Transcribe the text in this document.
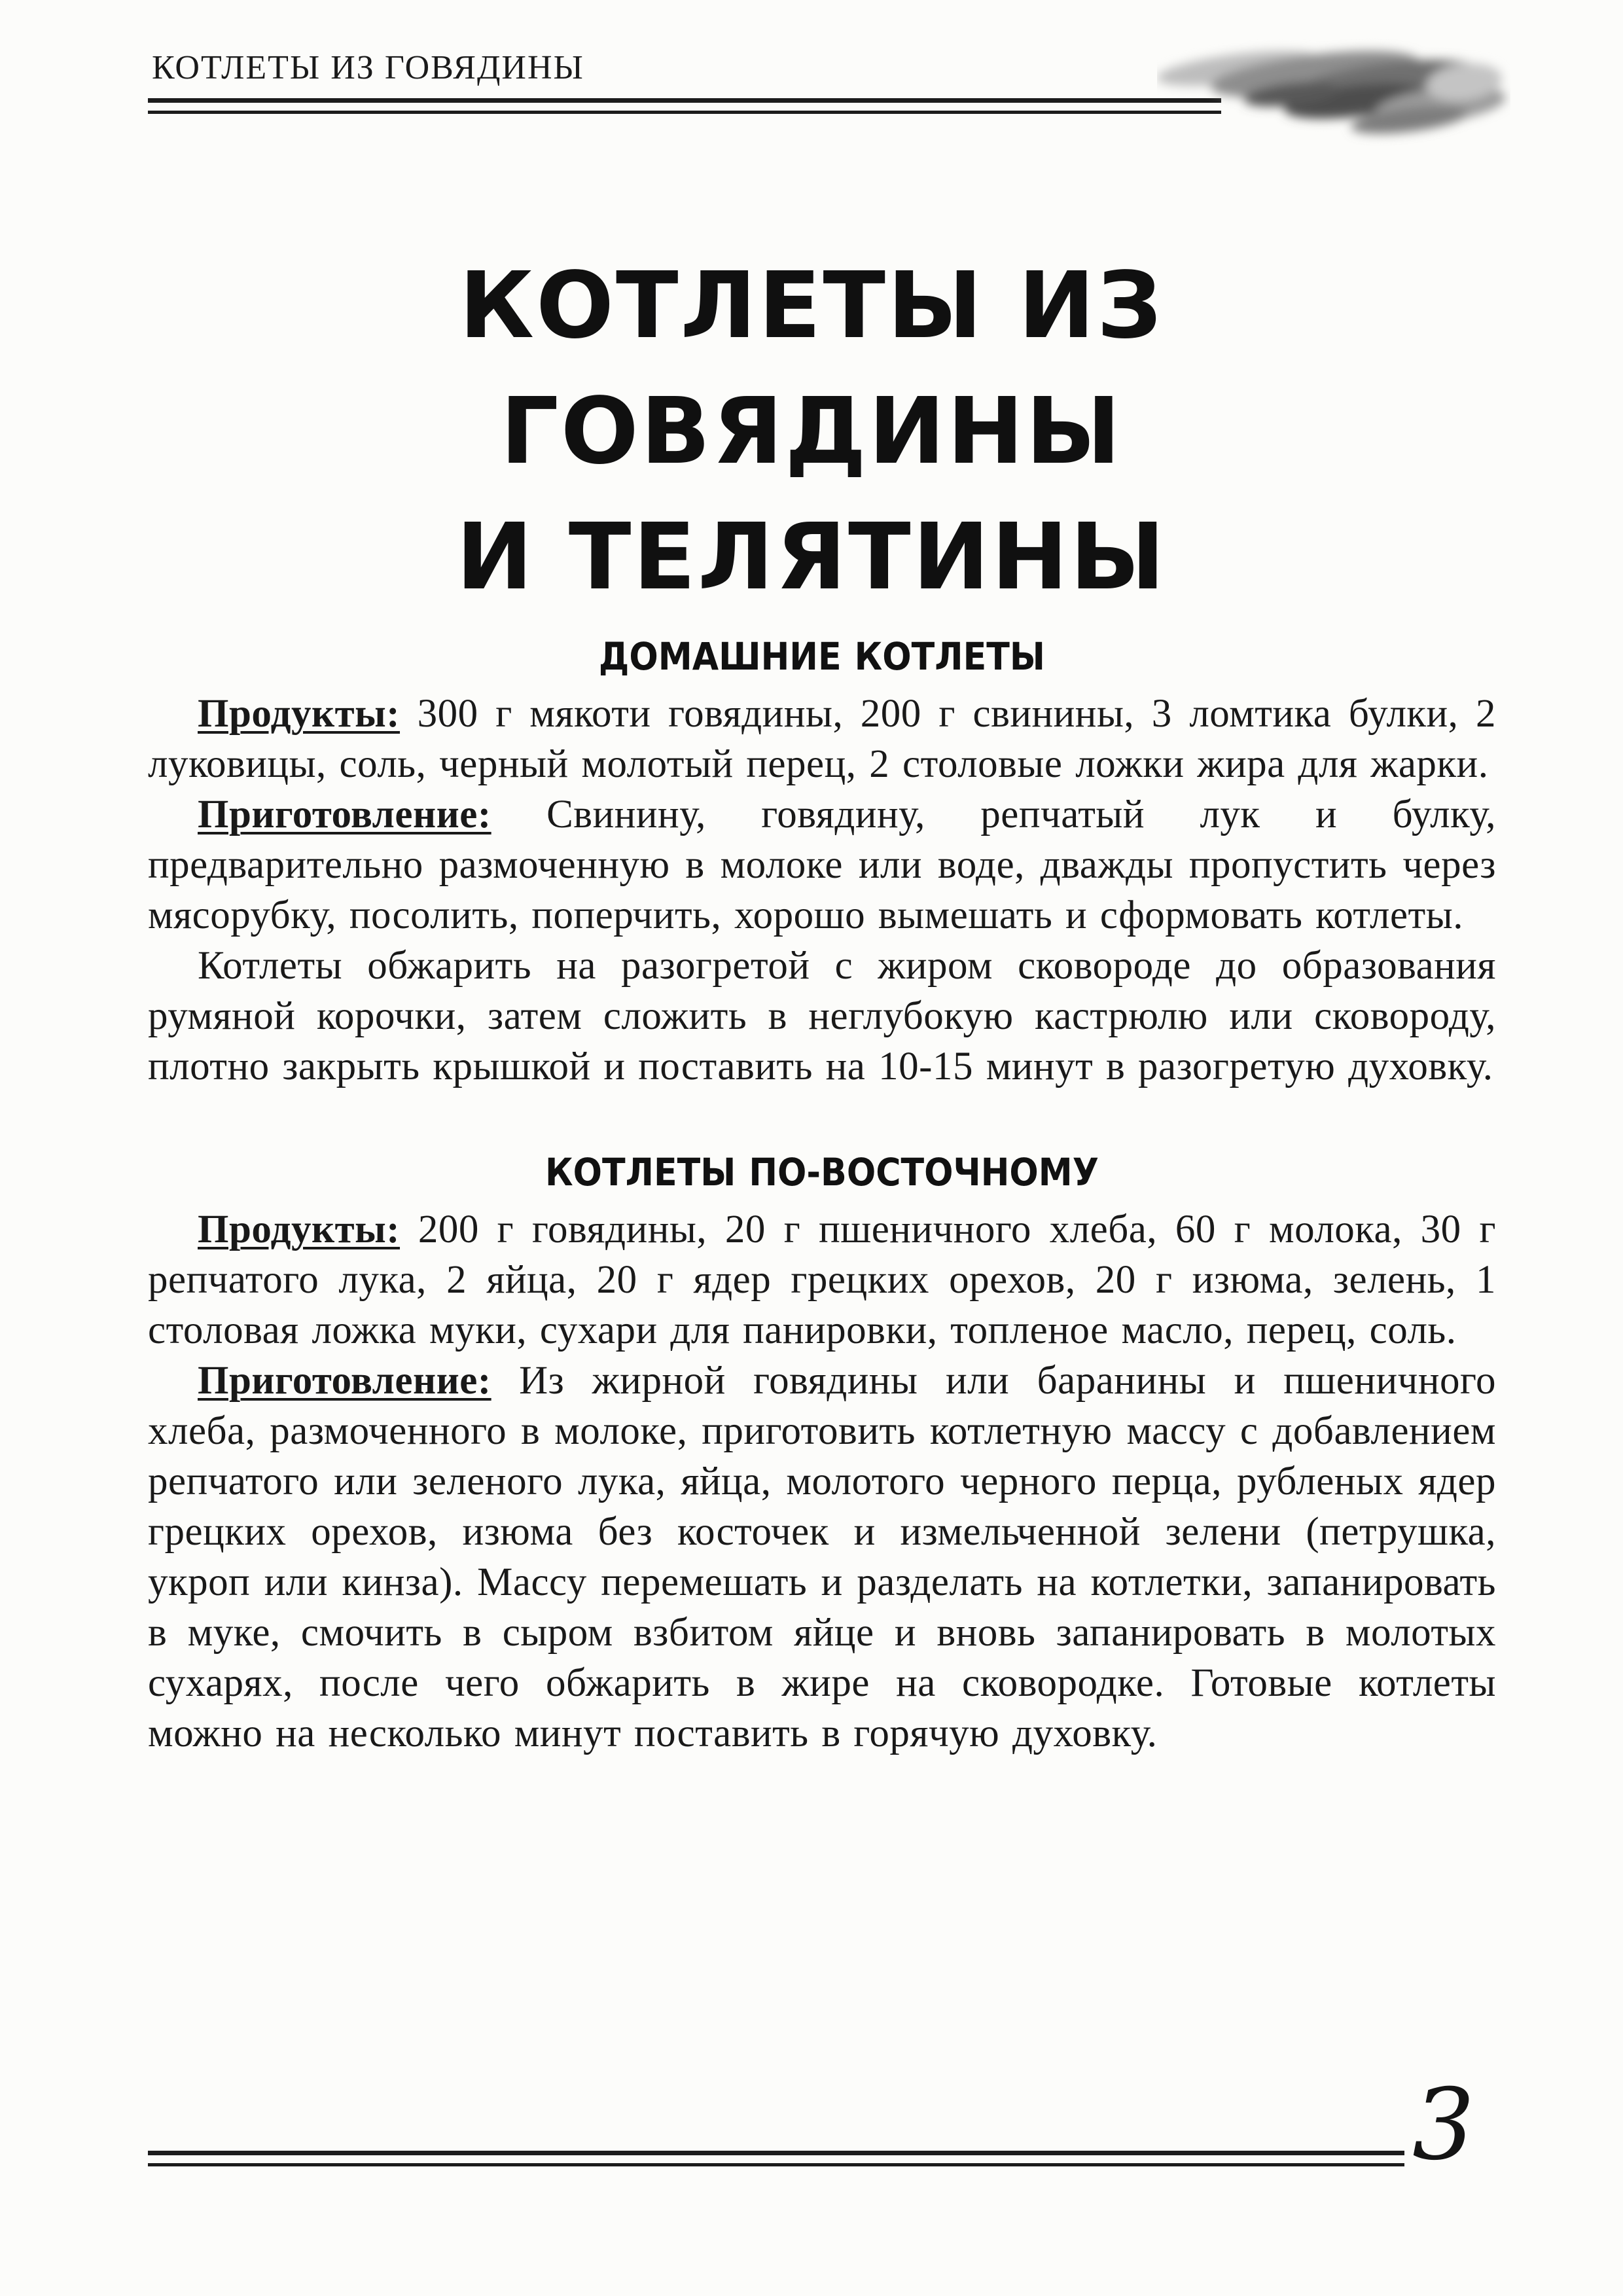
КОТЛЕТЫ ИЗ ГОВЯДИНЫ
КОТЛЕТЫ ИЗ
ГОВЯДИНЫ
И ТЕЛЯТИНЫ
ДОМАШНИЕ КОТЛЕТЫ

Продукты: 300 г мякоти говядины, 200 г свинины, 3 ломтика булки, 2 луковицы, соль, черный молотый перец, 2 столовые ложки жира для жарки.

Приготовление: Свинину, говядину, репчатый лук и булку, предварительно размоченную в молоке или воде, дважды пропустить через мясорубку, посолить, поперчить, хорошо вымешать и сформовать котлеты.

Котлеты обжарить на разогретой с жиром сковороде до образования румяной корочки, затем сложить в неглубокую кастрюлю или сковороду, плотно закрыть крышкой и поставить на 10-15 минут в разогретую духовку.

КОТЛЕТЫ ПО-ВОСТОЧНОМУ

Продукты: 200 г говядины, 20 г пшеничного хлеба, 60 г молока, 30 г репчатого лука, 2 яйца, 20 г ядер грецких орехов, 20 г изюма, зелень, 1 столовая ложка муки, сухари для панировки, топленое масло, перец, соль.

Приготовление: Из жирной говядины или баранины и пшеничного хлеба, размоченного в молоке, приготовить котлетную массу с добавлением репчатого или зеленого лука, яйца, молотого черного перца, рубленых ядер грецких орехов, изюма без косточек и измельченной зелени (петрушка, укроп или кинза). Массу перемешать и разделать на котлетки, запанировать в муке, смочить в сыром взбитом яйце и вновь запанировать в молотых сухарях, после чего обжарить в жире на сковородке. Готовые котлеты можно на несколько минут поставить в горячую духовку.

3
